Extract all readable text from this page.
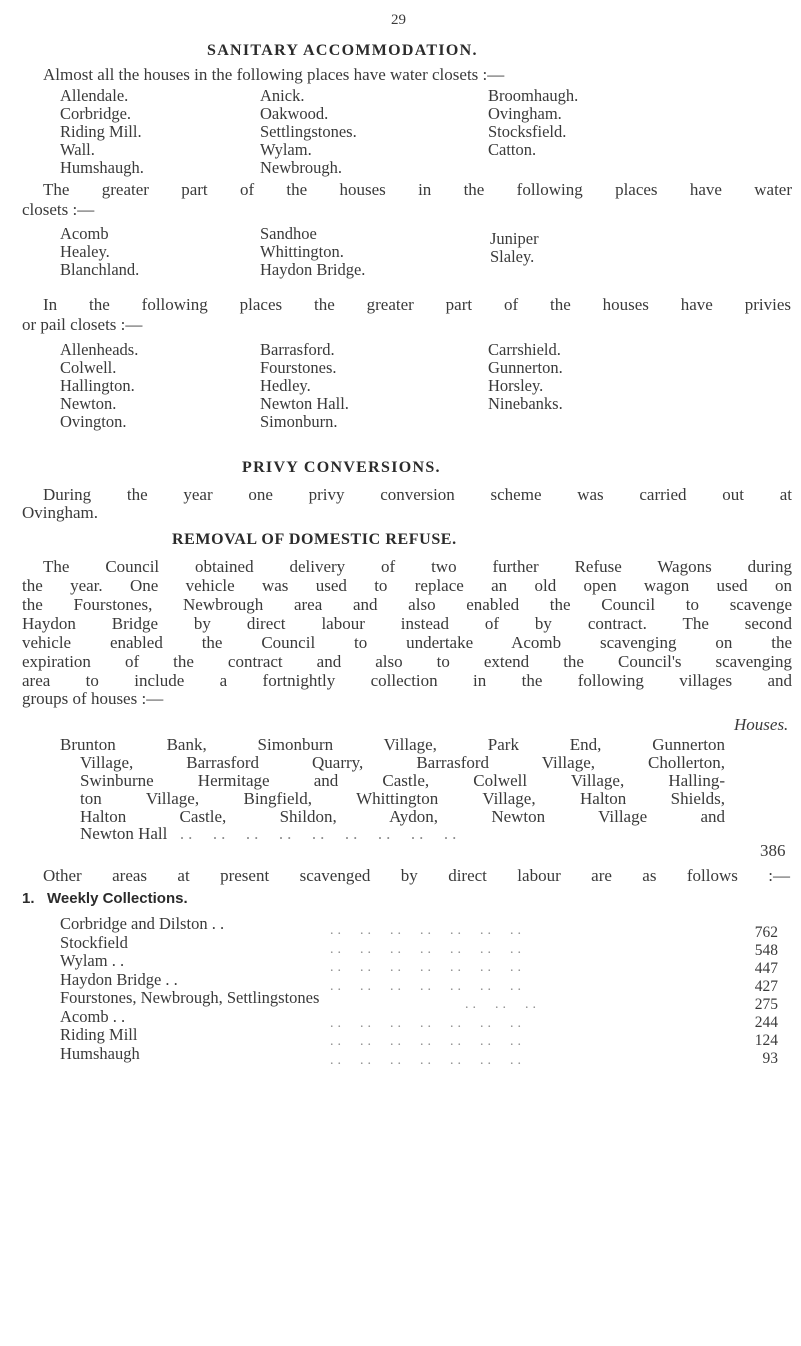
29
SANITARY ACCOMMODATION.
Almost all the houses in the following places have water closets :—
Allendale.
Corbridge.
Riding Mill.
Wall.
Humshaugh.
Anick.
Oakwood.
Settlingstones.
Wylam.
Newbrough.
Broomhaugh.
Ovingham.
Stocksfield.
Catton.
The greater part of the houses in the following places have water
closets :—
Acomb
Healey.
Blanchland.
Sandhoe
Whittington.
Haydon Bridge.
Juniper
Slaley.
In the following places the greater part of the houses have privies
or pail closets :—
Allenheads.
Colwell.
Hallington.
Newton.
Ovington.
Barrasford.
Fourstones.
Hedley.
Newton Hall.
Simonburn.
Carrshield.
Gunnerton.
Horsley.
Ninebanks.
PRIVY CONVERSIONS.
During the year one privy conversion scheme was carried out at
Ovingham.
REMOVAL OF DOMESTIC REFUSE.
The Council obtained delivery of two further Refuse Wagons during
the year. One vehicle was used to replace an old open wagon used on
the Fourstones, Newbrough area and also enabled the Council to scavenge
Haydon Bridge by direct labour instead of by contract. The second
vehicle enabled the Council to undertake Acomb scavenging on the
expiration of the contract and also to extend the Council's scavenging
area to include a fortnightly collection in the following villages and
groups of houses :—
Houses.
Brunton Bank, Simonburn Village, Park End, Gunnerton
Village, Barrasford Quarry, Barrasford Village, Chollerton,
Swinburne Hermitage and Castle, Colwell Village, Halling-
ton Village, Bingfield, Whittington Village, Halton Shields,
Halton Castle, Shildon, Aydon, Newton Village and
Newton Hall  ..  ..  ..  ..  ..  ..  ..  ..  ..
386
Other areas at present scavenged by direct labour are as follows :—
1.   Weekly Collections.
Corbridge and Dilston . .
Stockfield
Wylam . .
Haydon Bridge . .
Fourstones, Newbrough, Settlingstones
Acomb . .
Riding Mill
Humshaugh
..  ..  ..  ..  ..  ..  ..
..  ..  ..  ..  ..  ..  ..
..  ..  ..  ..  ..  ..  ..
..  ..  ..  ..  ..  ..  ..
..  ..  ..
..  ..  ..  ..  ..  ..  ..
..  ..  ..  ..  ..  ..  ..
..  ..  ..  ..  ..  ..  ..
762
548
447
427
275
244
124
93
